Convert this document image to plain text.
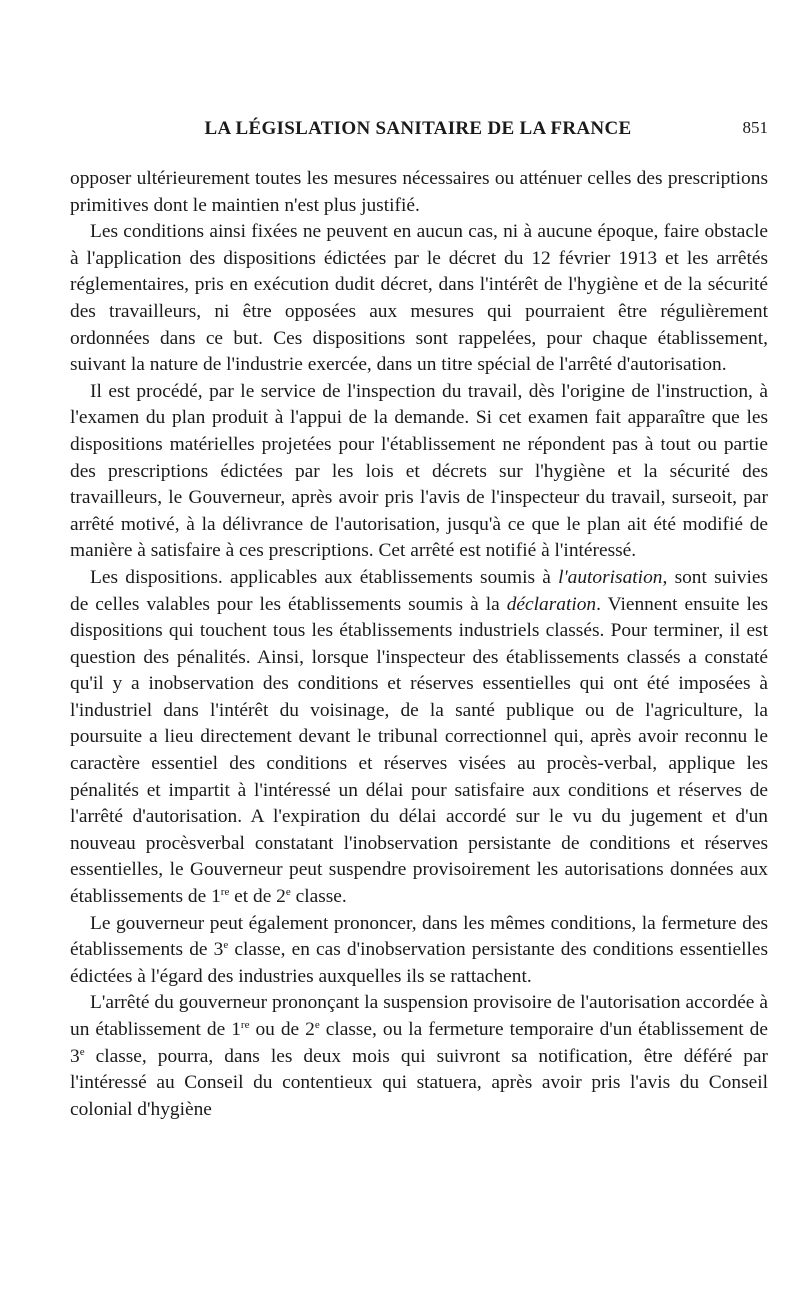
LA LÉGISLATION SANITAIRE DE LA FRANCE	851

opposer ultérieurement toutes les mesures nécessaires ou atténuer celles des prescriptions primitives dont le maintien n'est plus justifié.

Les conditions ainsi fixées ne peuvent en aucun cas, ni à aucune époque, faire obstacle à l'application des dispositions édictées par le décret du 12 février 1913 et les arrêtés réglementaires, pris en exécution dudit décret, dans l'intérêt de l'hygiène et de la sécurité des travailleurs, ni être opposées aux mesures qui pourraient être régulièrement ordonnées dans ce but. Ces dispositions sont rappelées, pour chaque établissement, suivant la nature de l'industrie exercée, dans un titre spécial de l'arrêté d'autorisation.

Il est procédé, par le service de l'inspection du travail, dès l'origine de l'instruction, à l'examen du plan produit à l'appui de la demande. Si cet examen fait apparaître que les dispositions matérielles projetées pour l'établissement ne répondent pas à tout ou partie des prescriptions édictées par les lois et décrets sur l'hygiène et la sécurité des travailleurs, le Gouverneur, après avoir pris l'avis de l'inspecteur du travail, surseoit, par arrêté motivé, à la délivrance de l'autorisation, jusqu'à ce que le plan ait été modifié de manière à satisfaire à ces prescriptions. Cet arrêté est notifié à l'intéressé.

Les dispositions. applicables aux établissements soumis à l'autorisation, sont suivies de celles valables pour les établissements soumis à la déclaration. Viennent ensuite les dispositions qui touchent tous les établissements industriels classés. Pour terminer, il est question des pénalités. Ainsi, lorsque l'inspecteur des établissements classés a constaté qu'il y a inobservation des conditions et réserves essentielles qui ont été imposées à l'industriel dans l'intérêt du voisinage, de la santé publique ou de l'agriculture, la poursuite a lieu directement devant le tribunal correctionnel qui, après avoir reconnu le caractère essentiel des conditions et réserves visées au procès-verbal, applique les pénalités et impartit à l'intéressé un délai pour satisfaire aux conditions et réserves de l'arrêté d'autorisation. A l'expiration du délai accordé sur le vu du jugement et d'un nouveau procèsverbal constatant l'inobservation persistante de conditions et réserves essentielles, le Gouverneur peut suspendre provisoirement les autorisations données aux établissements de 1re et de 2e classe.

Le gouverneur peut également prononcer, dans les mêmes conditions, la fermeture des établissements de 3e classe, en cas d'inobservation persistante des conditions essentielles édictées à l'égard des industries auxquelles ils se rattachent.

L'arrêté du gouverneur prononçant la suspension provisoire de l'autorisation accordée à un établissement de 1re ou de 2e classe, ou la fermeture temporaire d'un établissement de 3e classe, pourra, dans les deux mois qui suivront sa notification, être déféré par l'intéressé au Conseil du contentieux qui statuera, après avoir pris l'avis du Conseil colonial d'hygiène
